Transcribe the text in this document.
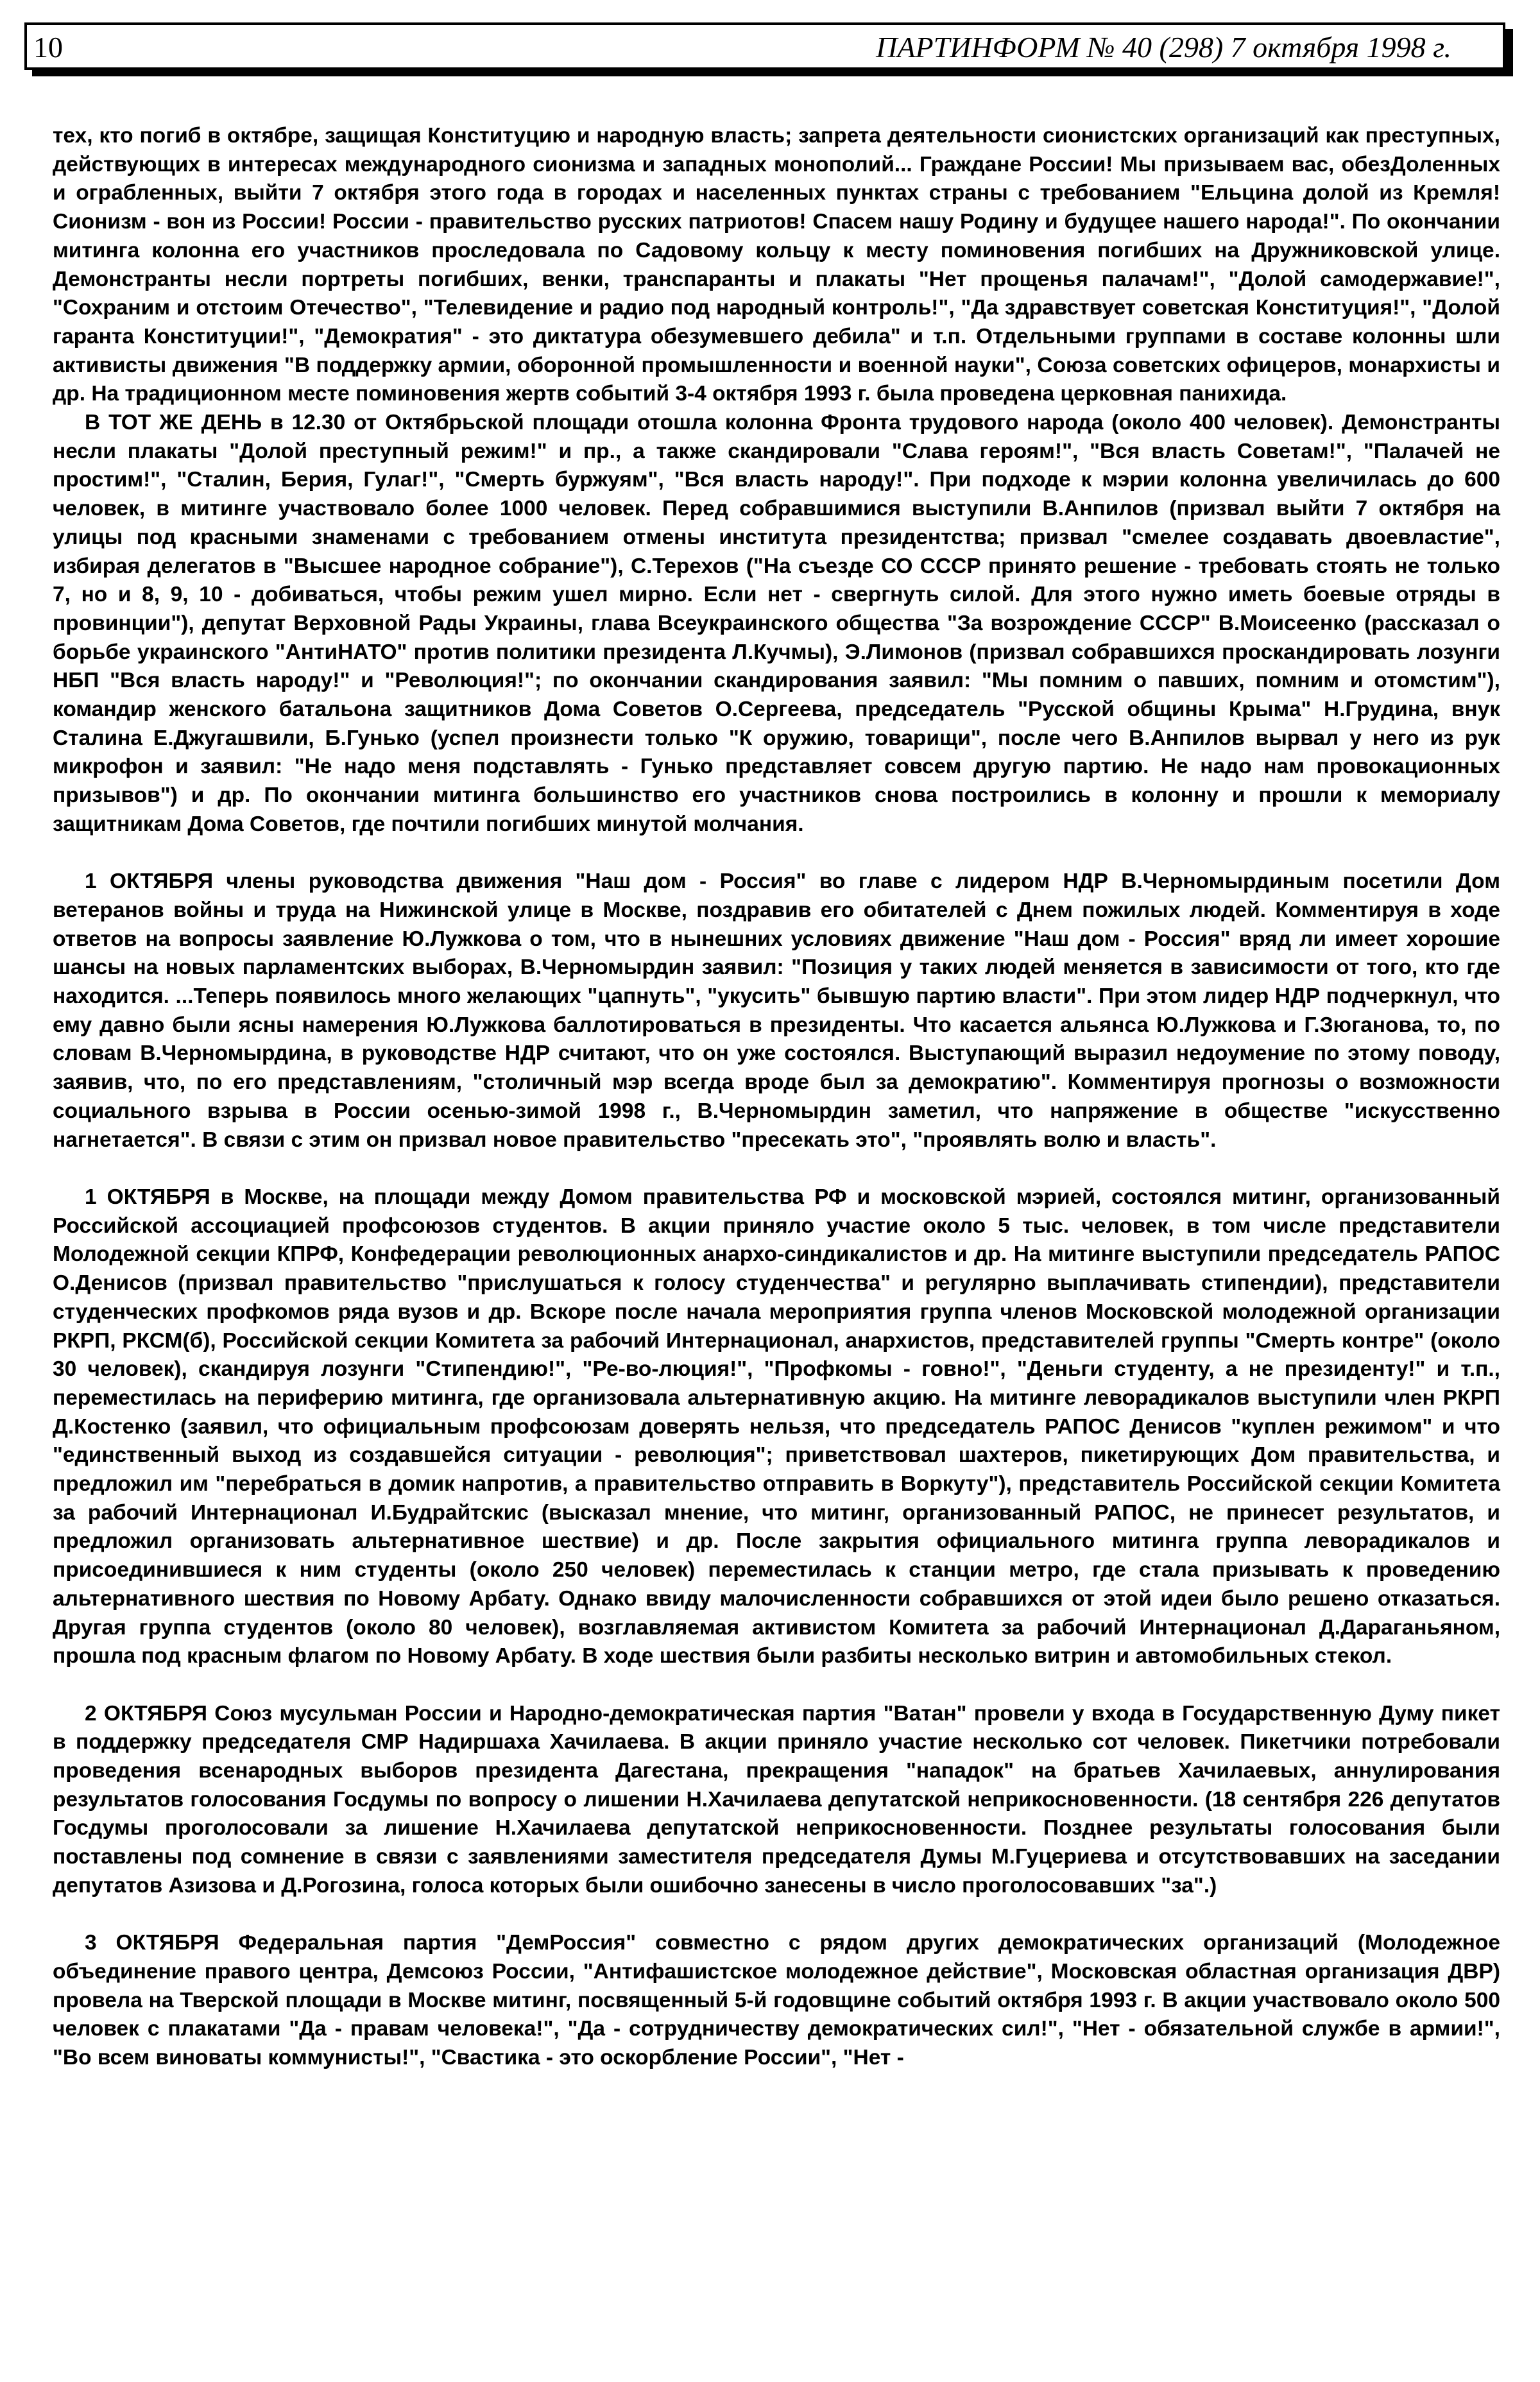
10	ПАРТИНФОРМ № 40 (298) 7 октября 1998 г.

тех, кто погиб в октябре, защищая Конституцию и народную власть; запрета деятельности сионистских организаций как преступных, действующих в интересах международного сионизма и западных монополий... Граждане России! Мы призываем вас, обезДоленных и ограбленных, выйти 7 октября этого года в городах и населенных пунктах страны с требованием "Ельцина долой из Кремля! Сионизм - вон из России! России - правительство русских патриотов! Спасем нашу Родину и будущее нашего народа!". По окончании митинга колонна его участников проследовала по Садовому кольцу к месту поминовения погибших на Дружниковской улице. Демонстранты несли портреты погибших, венки, транспаранты и плакаты "Нет прощенья палачам!", "Долой самодержавие!", "Сохраним и отстоим Отечество", "Телевидение и радио под народный контроль!", "Да здравствует советская Конституция!", "Долой гаранта Конституции!", "Демократия" - это диктатура обезумевшего дебила" и т.п. Отдельными группами в составе колонны шли активисты движения "В поддержку армии, оборонной промышленности и военной науки", Союза советских офицеров, монархисты и др. На традиционном месте поминовения жертв событий 3-4 октября 1993 г. была проведена церковная панихида.

В ТОТ ЖЕ ДЕНЬ в 12.30 от Октябрьской площади отошла колонна Фронта трудового народа (около 400 человек). Демонстранты несли плакаты "Долой преступный режим!" и пр., а также скандировали "Слава героям!", "Вся власть Советам!", "Палачей не простим!", "Сталин, Берия, Гулаг!", "Смерть буржуям", "Вся власть народу!". При подходе к мэрии колонна увеличилась до 600 человек, в митинге участвовало более 1000 человек. Перед собравшимися выступили В.Анпилов (призвал выйти 7 октября на улицы под красными знаменами с требованием отмены института президентства; призвал "смелее создавать двоевластие", избирая делегатов в "Высшее народное собрание"), С.Терехов ("На съезде СО СССР принято решение - требовать стоять не только 7, но и 8, 9, 10 - добиваться, чтобы режим ушел мирно. Если нет - свергнуть силой. Для этого нужно иметь боевые отряды в провинции"), депутат Верховной Рады Украины, глава Всеукраинского общества "За возрождение СССР" В.Моисеенко (рассказал о борьбе украинского "АнтиНАТО" против политики президента Л.Кучмы), Э.Лимонов (призвал собравшихся проскандировать лозунги НБП "Вся власть народу!" и "Революция!"; по окончании скандирования заявил: "Мы помним о павших, помним и отомстим"), командир женского батальона защитников Дома Советов О.Сергеева, председатель "Русской общины Крыма" Н.Грудина, внук Сталина Е.Джугашвили, Б.Гунько (успел произнести только "К оружию, товарищи", после чего В.Анпилов вырвал у него из рук микрофон и заявил: "Не надо меня подставлять - Гунько представляет совсем другую партию. Не надо нам провокационных призывов") и др. По окончании митинга большинство его участников снова построились в колонну и прошли к мемориалу защитникам Дома Советов, где почтили погибших минутой молчания.

1 ОКТЯБРЯ члены руководства движения "Наш дом - Россия" во главе с лидером НДР В.Черномырдиным посетили Дом ветеранов войны и труда на Нижинской улице в Москве, поздравив его обитателей с Днем пожилых людей. Комментируя в ходе ответов на вопросы заявление Ю.Лужкова о том, что в нынешних условиях движение "Наш дом - Россия" вряд ли имеет хорошие шансы на новых парламентских выборах, В.Черномырдин заявил: "Позиция у таких людей меняется в зависимости от того, кто где находится. ...Теперь появилось много желающих "цапнуть", "укусить" бывшую партию власти". При этом лидер НДР подчеркнул, что ему давно были ясны намерения Ю.Лужкова баллотироваться в президенты. Что касается альянса Ю.Лужкова и Г.Зюганова, то, по словам В.Черномырдина, в руководстве НДР считают, что он уже состоялся. Выступающий выразил недоумение по этому поводу, заявив, что, по его представлениям, "столичный мэр всегда вроде был за демократию". Комментируя прогнозы о возможности социального взрыва в России осенью-зимой 1998 г., В.Черномырдин заметил, что напряжение в обществе "искусственно нагнетается". В связи с этим он призвал новое правительство "пресекать это", "проявлять волю и власть".

1 ОКТЯБРЯ в Москве, на площади между Домом правительства РФ и московской мэрией, состоялся митинг, организованный Российской ассоциацией профсоюзов студентов. В акции приняло участие около 5 тыс. человек, в том числе представители Молодежной секции КПРФ, Конфедерации революционных анархо-синдикалистов и др. На митинге выступили председатель РАПОС О.Денисов (призвал правительство "прислушаться к голосу студенчества" и регулярно выплачивать стипендии), представители студенческих профкомов ряда вузов и др. Вскоре после начала мероприятия группа членов Московской молодежной организации РКРП, РКСМ(б), Российской секции Комитета за рабочий Интернационал, анархистов, представителей группы "Смерть контре" (около 30 человек), скандируя лозунги "Стипендию!", "Ре-во-люция!", "Профкомы - говно!", "Деньги студенту, а не президенту!" и т.п., переместилась на периферию митинга, где организовала альтернативную акцию. На митинге леворадикалов выступили член РКРП Д.Костенко (заявил, что официальным профсоюзам доверять нельзя, что председатель РАПОС Денисов "куплен режимом" и что "единственный выход из создавшейся ситуации - революция"; приветствовал шахтеров, пикетирующих Дом правительства, и предложил им "перебраться в домик напротив, а правительство отправить в Воркуту"), представитель Российской секции Комитета за рабочий Интернационал И.Будрайтскис (высказал мнение, что митинг, организованный РАПОС, не принесет результатов, и предложил организовать альтернативное шествие) и др. После закрытия официального митинга группа леворадикалов и присоединившиеся к ним студенты (около 250 человек) переместилась к станции метро, где стала призывать к проведению альтернативного шествия по Новому Арбату. Однако ввиду малочисленности собравшихся от этой идеи было решено отказаться. Другая группа студентов (около 80 человек), возглавляемая активистом Комитета за рабочий Интернационал Д.Дараганьяном, прошла под красным флагом по Новому Арбату. В ходе шествия были разбиты несколько витрин и автомобильных стекол.

2 ОКТЯБРЯ Союз мусульман России и Народно-демократическая партия "Ватан" провели у входа в Государственную Думу пикет в поддержку председателя СМР Надиршаха Хачилаева. В акции приняло участие несколько сот человек. Пикетчики потребовали проведения всенародных выборов президента Дагестана, прекращения "нападок" на братьев Хачилаевых, аннулирования результатов голосования Госдумы по вопросу о лишении Н.Хачилаева депутатской неприкосновенности. (18 сентября 226 депутатов Госдумы проголосовали за лишение Н.Хачилаева депутатской неприкосновенности. Позднее результаты голосования были поставлены под сомнение в связи с заявлениями заместителя председателя Думы М.Гуцериева и отсутствовавших на заседании депутатов Азизова и Д.Рогозина, голоса которых были ошибочно занесены в число проголосовавших "за".)

3 ОКТЯБРЯ Федеральная партия "ДемРоссия" совместно с рядом других демократических организаций (Молодежное объединение правого центра, Демсоюз России, "Антифашистское молодежное действие", Московская областная организация ДВР) провела на Тверской площади в Москве митинг, посвященный 5-й годовщине событий октября 1993 г. В акции участвовало около 500 человек с плакатами "Да - правам человека!", "Да - сотрудничеству демократических сил!", "Нет - обязательной службе в армии!", "Во всем виноваты коммунисты!", "Свастика - это оскорбление России", "Нет -
